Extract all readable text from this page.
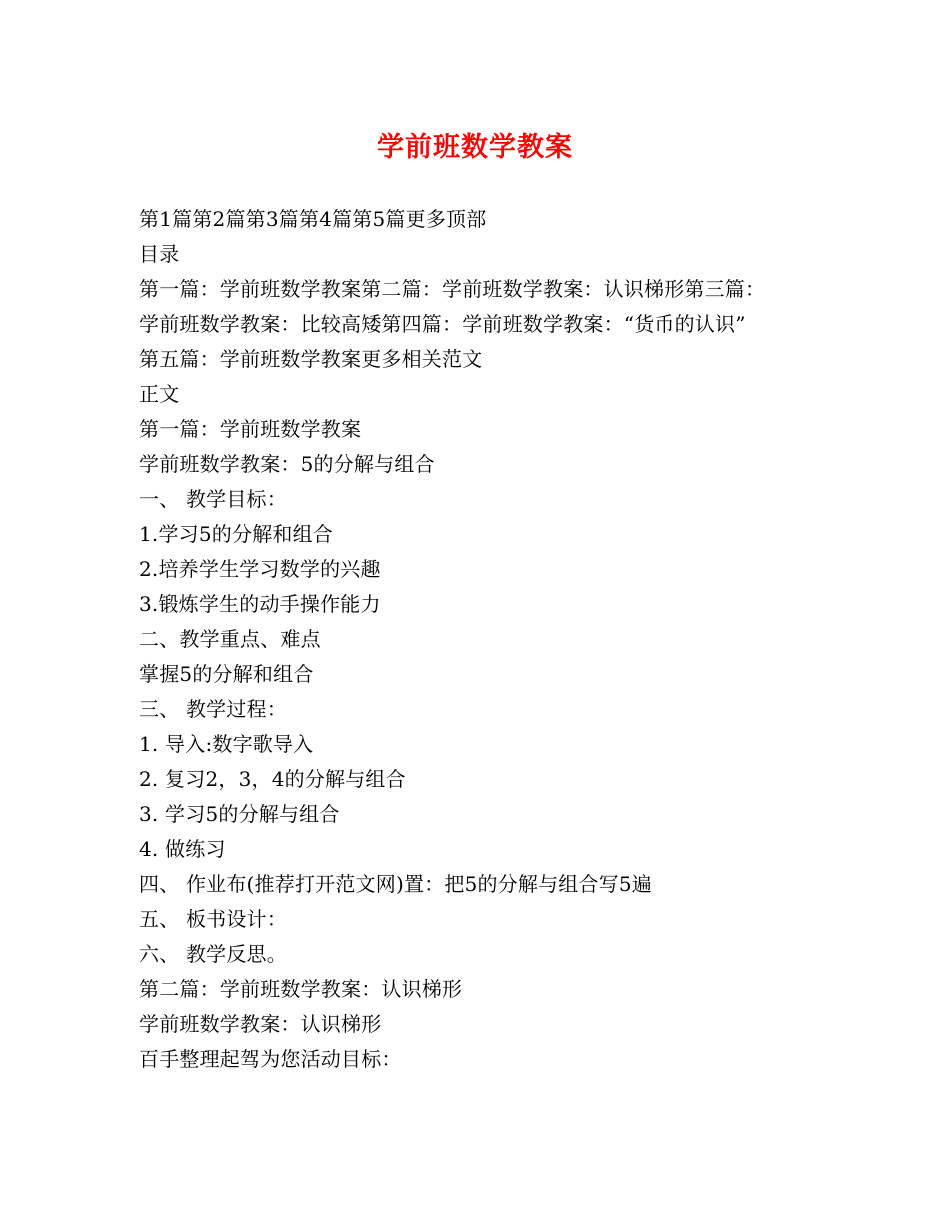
学前班数学教案
第1篇第2篇第3篇第4篇第5篇更多顶部
目录
第一篇：学前班数学教案第二篇：学前班数学教案：认识梯形第三篇：
学前班数学教案：比较高矮第四篇：学前班数学教案：“货币的认识”
第五篇：学前班数学教案更多相关范文
正文
第一篇：学前班数学教案
学前班数学教案：5的分解与组合
一、 教学目标：
1.学习5的分解和组合
2.培养学生学习数学的兴趣
3.锻炼学生的动手操作能力
二、教学重点、难点
掌握5的分解和组合
三、 教学过程：
1. 导入:数字歌导入
2. 复习2，3，4的分解与组合
3. 学习5的分解与组合
4. 做练习
四、 作业布(推荐打开范文网)置：把5的分解与组合写5遍
五、 板书设计：
六、 教学反思。
第二篇：学前班数学教案：认识梯形
学前班数学教案：认识梯形
百手整理起驾为您活动目标：
